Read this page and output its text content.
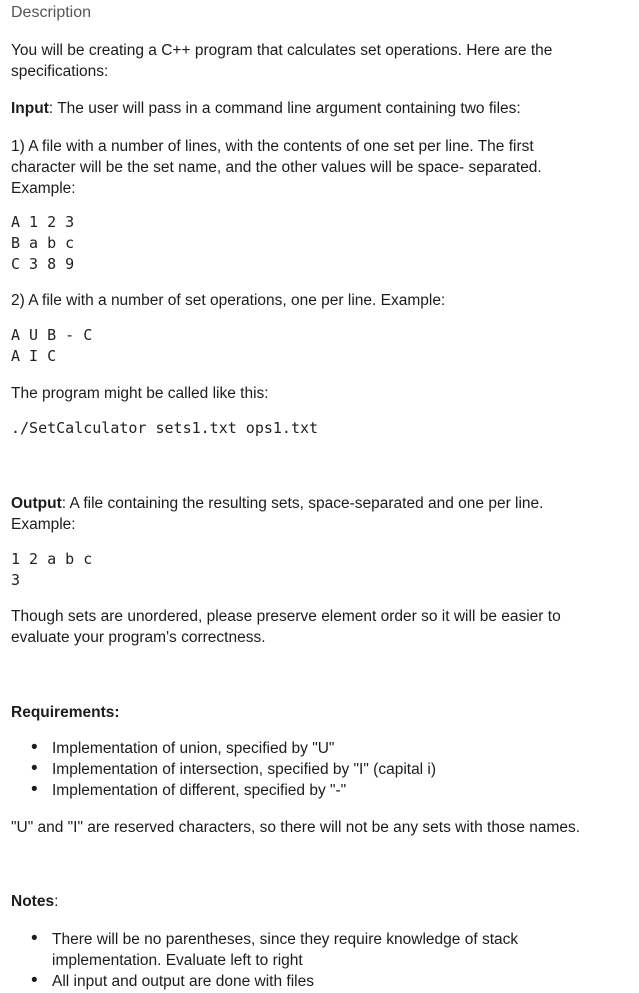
Description
You will be creating a C++ program that calculates set operations. Here are the
specifications:
Input: The user will pass in a command line argument containing two files:
1) A file with a number of lines, with the contents of one set per line. The first
character will be the set name, and the other values will be space- separated.
Example:
A 1 2 3
B a b c
C 3 8 9
2) A file with a number of set operations, one per line. Example:
A U B - C
A I C
The program might be called like this:
./SetCalculator sets1.txt ops1.txt
Output: A file containing the resulting sets, space-separated and one per line.
Example:
1 2 a b c
3
Though sets are unordered, please preserve element order so it will be easier to
evaluate your program's correctness.
Requirements:
• Implementation of union, specified by "U"
• Implementation of intersection, specified by "I" (capital i)
• Implementation of different, specified by "-"
"U" and "I" are reserved characters, so there will not be any sets with those names.
Notes:
• There will be no parentheses, since they require knowledge of stack
implementation. Evaluate left to right
• All input and output are done with files
